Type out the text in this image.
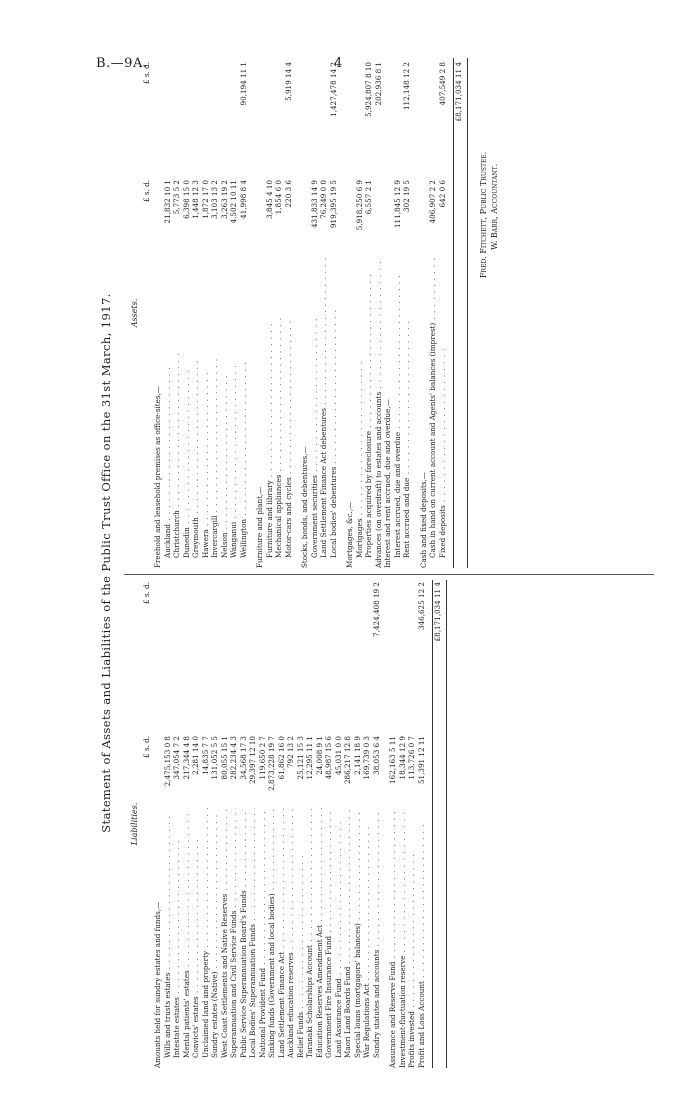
B.—9A.	4
Statement of Assets and Liabilities of the Public Trust Office on the 31st March, 1917. Liabilities.
£ s. d.
£ s. d.
Amounts held for sundry estates and funds,— Wills and trusts estates . .
2,475,153 0 8
Intestate estates . .
347,054 7 2
Mental patients' estates . .
217,344 4 8
Convicts' estates . .
2,281 14 0
Unclaimed land and property . .
14,835 7 7
Sundry estates (Native) . .
131,052 5 5
West Coast Settlements and Native Reserves . .
80,055 15 1
Superannuation and Civil Service Funds . .
282,234 4 3
Public Service Superannuation Board's Funds . .
34,568 17 3
Local Bodies' Superannuation Funds . .
29,397 12 10
National Provident Fund . .
119,650 2 7
Sinking funds (Government and local bodies) . .
2,873,228 19 7
Land Settlement Finance Act . .
61,862 16 0
Auckland education reserves . .
792 13 2
Relief Funds . .
25,121 15 3
Taranaki Scholarships Account . .
12,295 11 1
Education Reserves Amendment Act . .
24,008 9 1
Government Fire Insurance Fund . .
48,987 15 6
Land Assurance Fund . .
45,031 0 0
Maori Land Boards Fund . .
286,217 12 8
Special loans (mortgagors' balances) . .
2,141 18 9
War Regulations Act . .
169,739 0 3
Sundry statutes and accounts . .
38,053 6 4
7,424,408 19 2
Assurance and Reserve Fund . .
162,163 5 11
Investment-fluctuation reserve . .
18,344 12 9
Profits invested . .
113,726 0 7
Profit and Loss Account . .
51,391 12 11
346,625 12 2 £8,171,034 11 4
Assets.
£ s. d.
£ s. d.
Freehold and leasehold premises as office-sites,— Auckland . .
21,832 10 1
Christchurch . .
5,773 5 2
Dunedin . .
6,398 15 0
Greymouth . .
1,448 12 3
Hawera . .
1,872 17 0
Invercargill . .
3,103 13 2
Nelson . .
3,263 19 2
Wanganui . .
4,502 10 11
Wellington . .
41,998 8 4
90,194 11 1
Furniture and plant,— Furniture and library . .
3,845 4 10
Mechanical appliances . .
1,854 6 0
Motor-cars and cycles . .
220 3 6
5,919 14 4
Stocks, bonds, and debentures,— Government securities . .
431,833 14 9
Land Settlement Finance Act debentures . .
76,249 0 0
Local bodies' debentures . .
919,395 19 5
1,427,478 14 2
Mortgages, &c.,— Mortgages . .
5,918,250 6 9
Properties acquired by foreclosure . .
6,557 2 1
5,924,807 8 10
Advances (on overdraft) to estates and accounts . .
202,936 8 1
Interest and rent accrued, due and overdue,— Interest accrued, due and overdue . .
111,845 12 9
Rent accrued and due . .
302 19 5
112,148 12 2
Cash and fixed deposits,— Cash in hand on current account and Agents' balances (imprest) . .
406,907 2 2
Fixed deposits . .
642 0 6
407,549 2 8 £8,171,034 11 4
Fred. Fitchett, Public Trustee. W. Barr, Accountant.
